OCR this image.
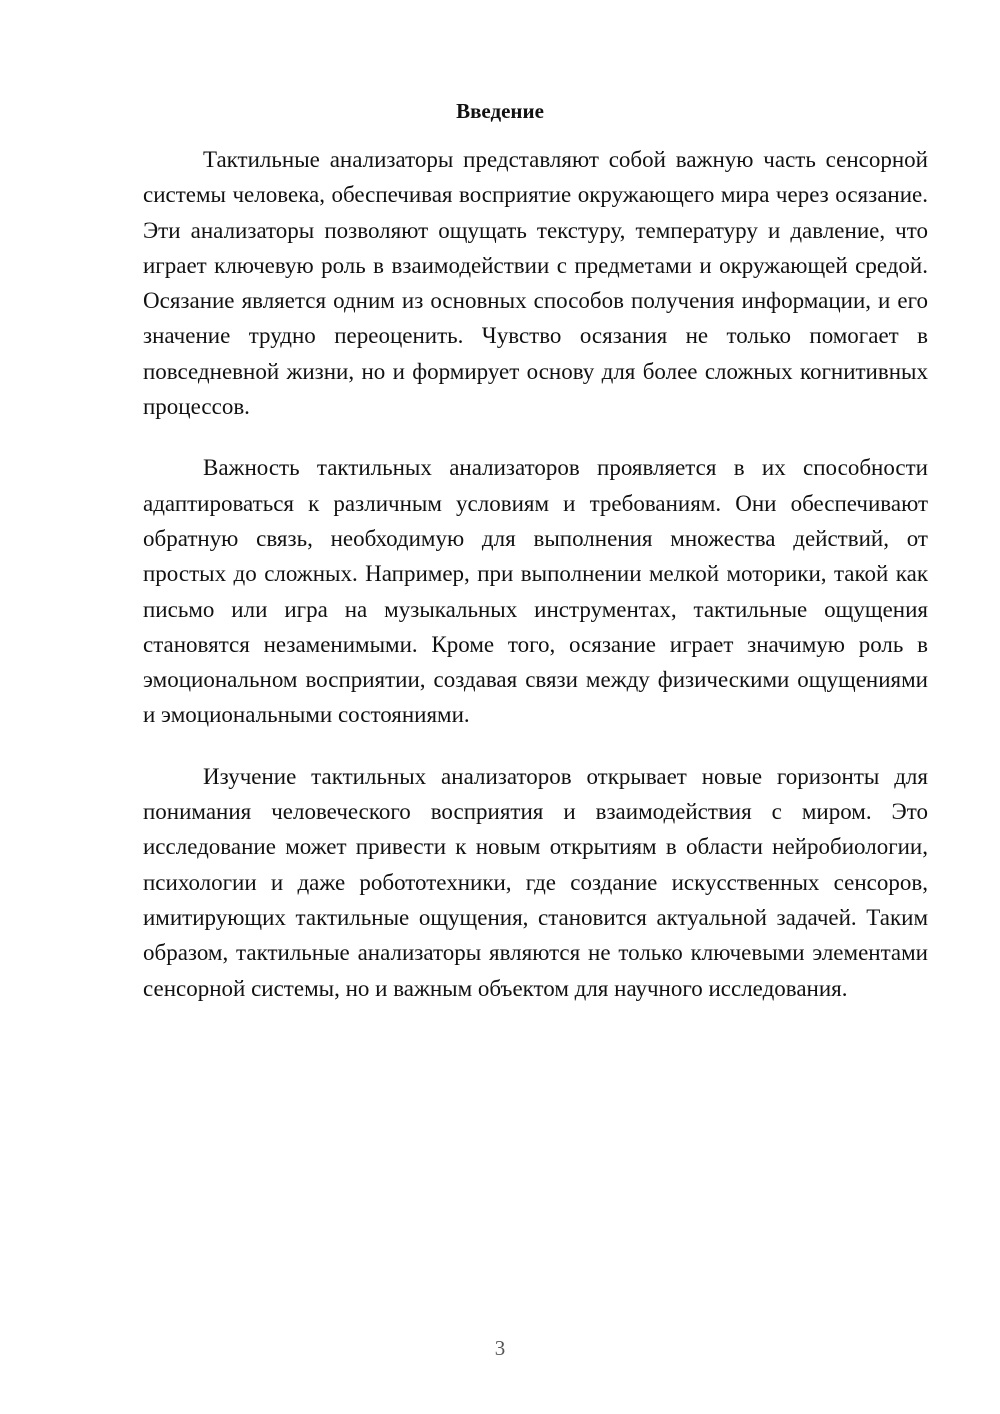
Введение

Тактильные анализаторы представляют собой важную часть сенсорной системы человека, обеспечивая восприятие окружающего мира через осязание. Эти анализаторы позволяют ощущать текстуру, температуру и давление, что играет ключевую роль в взаимодействии с предметами и окружающей средой. Осязание является одним из основных способов получения информации, и его значение трудно переоценить. Чувство осязания не только помогает в повседневной жизни, но и формирует основу для более сложных когнитивных процессов.

Важность тактильных анализаторов проявляется в их способности адаптироваться к различным условиям и требованиям. Они обеспечивают обратную связь, необходимую для выполнения множества действий, от простых до сложных. Например, при выполнении мелкой моторики, такой как письмо или игра на музыкальных инструментах, тактильные ощущения становятся незаменимыми. Кроме того, осязание играет значимую роль в эмоциональном восприятии, создавая связи между физическими ощущениями и эмоциональными состояниями.

Изучение тактильных анализаторов открывает новые горизонты для понимания человеческого восприятия и взаимодействия с миром. Это исследование может привести к новым открытиям в области нейробиологии, психологии и даже робототехники, где создание искусственных сенсоров, имитирующих тактильные ощущения, становится актуальной задачей. Таким образом, тактильные анализаторы являются не только ключевыми элементами сенсорной системы, но и важным объектом для научного исследования.

3
